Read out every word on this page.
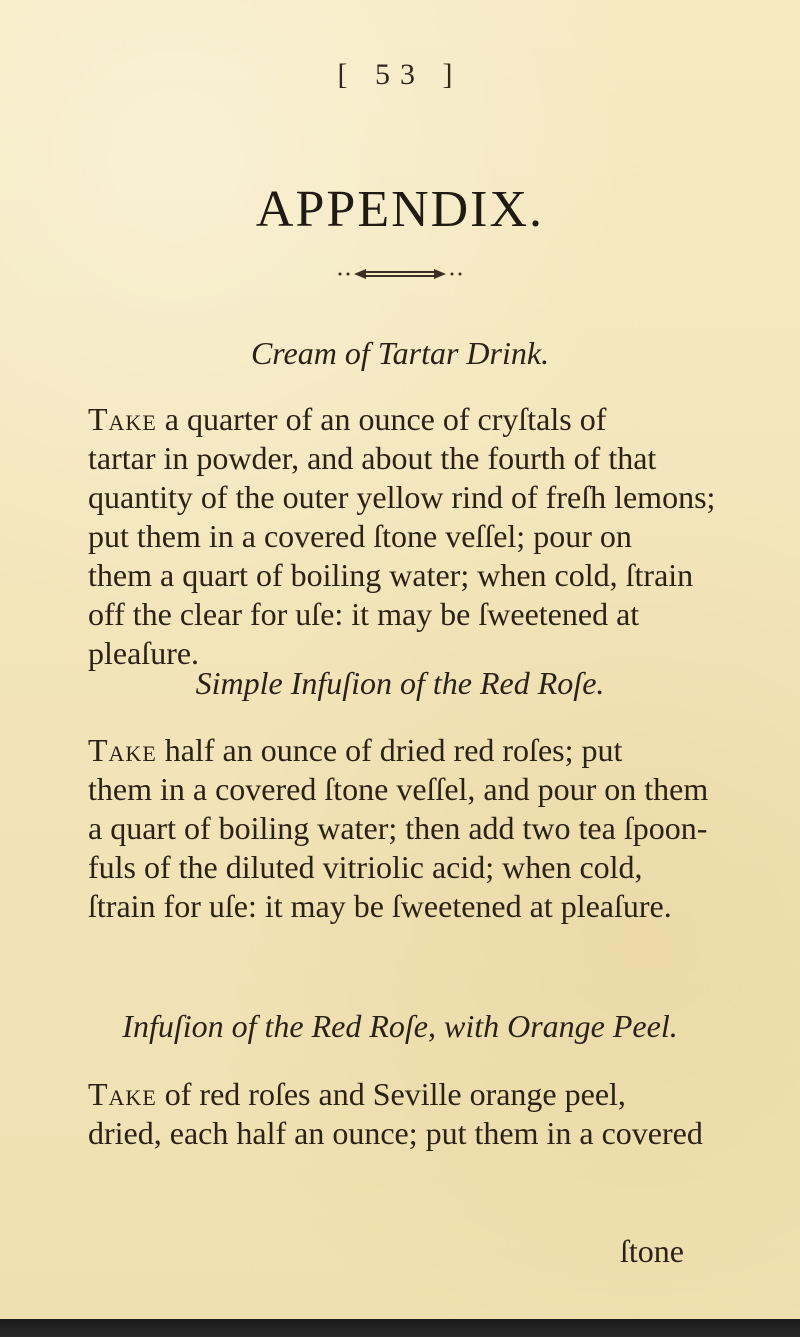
[ 53 ]
APPENDIX.
Cream of Tartar Drink.
Take a quarter of an ounce of cryſtals of
tartar in powder, and about the fourth of that
quantity of the outer yellow rind of freſh lemons;
put them in a covered ſtone veſſel; pour on
them a quart of boiling water; when cold, ſtrain
off the clear for uſe: it may be ſweetened at
pleaſure.
Simple Infuſion of the Red Roſe.
Take half an ounce of dried red roſes; put
them in a covered ſtone veſſel, and pour on them
a quart of boiling water; then add two tea ſpoon-
fuls of the diluted vitriolic acid; when cold,
ſtrain for uſe: it may be ſweetened at pleaſure.
Infuſion of the Red Roſe, with Orange Peel.
Take of red roſes and Seville orange peel,
dried, each half an ounce; put them in a covered
ſtone
